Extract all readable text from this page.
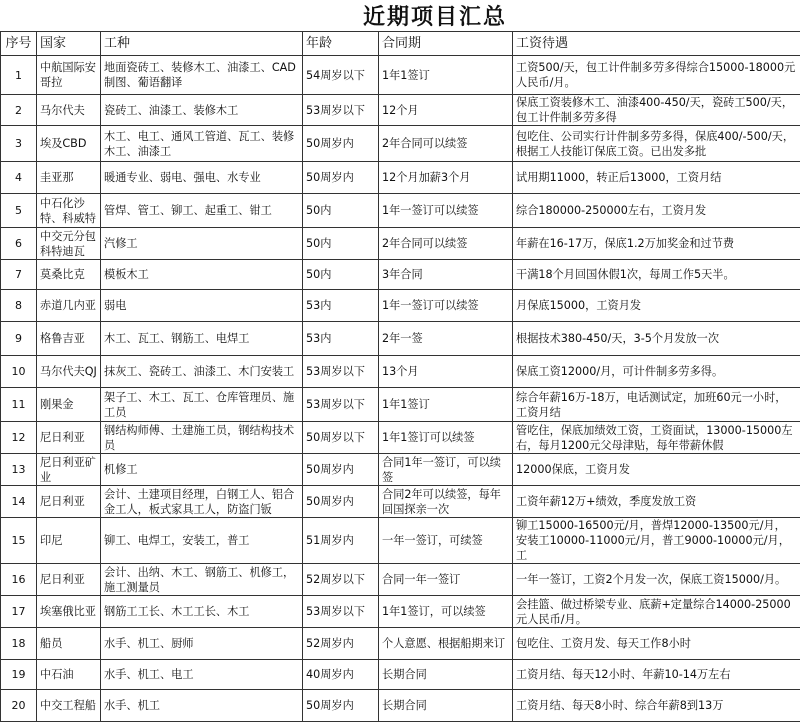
近期项目汇总
序号	国家	工种	年龄	合同期	工资待遇
1	中航国际安哥拉	地面瓷砖工、装修木工、油漆工、CAD制图、葡语翻译	54周岁以下	1年1签订	工资500/天，包工计件制多劳多得综合15000-18000元人民币/月。
2	马尔代夫	瓷砖工、油漆工、装修木工	53周岁以下	12个月	保底工资装修木工、油漆400-450/天，瓷砖工500/天，包工计件制多劳多得
3	埃及CBD	木工、电工、通风工管道、瓦工、装修木工、油漆工	50周岁内	2年合同可以续签	包吃住、公司实行计件制多劳多得，保底400/-500/天，根据工人技能订保底工资。已出发多批
4	圭亚那	暖通专业、弱电、强电、水专业	50周岁内	12个月加薪3个月	试用期11000，转正后13000，工资月结
5	中石化沙特、科威特	管焊、管工、铆工、起重工、钳工	50内	1年一签订可以续签	综合180000-250000左右，工资月发
6	中交元分包科特迪瓦	汽修工	50内	2年合同可以续签	年薪在16-17万，保底1.2万加奖金和过节费
7	莫桑比克	模板木工	50内	3年合同	干满18个月回国休假1次，每周工作5天半。
8	赤道几内亚	弱电	53内	1年一签订可以续签	月保底15000，工资月发
9	格鲁吉亚	木工、瓦工、钢筋工、电焊工	53内	2年一签	根据技术380-450/天，3-5个月发放一次
10	马尔代夫QJ	抹灰工、瓷砖工、油漆工、木门安装工	53周岁以下	13个月	保底工资12000/月，可计件制多劳多得。
11	刚果金	架子工、木工、瓦工、仓库管理员、施工员	53周岁以下	1年1签订	综合年薪16万-18万，电话测试定，加班60元一小时，工资月结
12	尼日利亚	钢结构师傅、土建施工员，钢结构技术员	50周岁以下	1年1签订可以续签	管吃住，保底加绩效工资，工资面试，13000-15000左右，每月1200元父母津贴，每年带薪休假
13	尼日利亚矿业	机修工	50周岁内	合同1年一签订，可以续签	12000保底，工资月发
14	尼日利亚	会计、土建项目经理，白钢工人、铝合金工人，板式家具工人，防盗门钣	50周岁内	合同2年可以续签，每年回国探亲一次	工资年薪12万+绩效，季度发放工资
15	印尼	铆工、电焊工，安装工，普工	51周岁内	一年一签订，可续签	铆工15000-16500元/月，普焊12000-13500元/月，安装工10000-11000元/月，普工9000-10000元/月，工
16	尼日利亚	会计、出纳、木工、钢筋工、机修工，施工测量员	52周岁以下	合同一年一签订	一年一签订，工资2个月发一次，保底工资15000/月。
17	埃塞俄比亚	钢筋工工长、木工工长、木工	53周岁以下	1年1签订，可以续签	会挂篮、做过桥梁专业、底薪+定量综合14000-25000元人民币/月。
18	船员	水手、机工、厨师	52周岁内	个人意愿、根据船期来订	包吃住、工资月发、每天工作8小时
19	中石油	水手、机工、电工	40周岁内	长期合同	工资月结、每天12小时、年薪10-14万左右
20	中交工程船	水手、机工	50周岁内	长期合同	工资月结、每天8小时、综合年薪8到13万
